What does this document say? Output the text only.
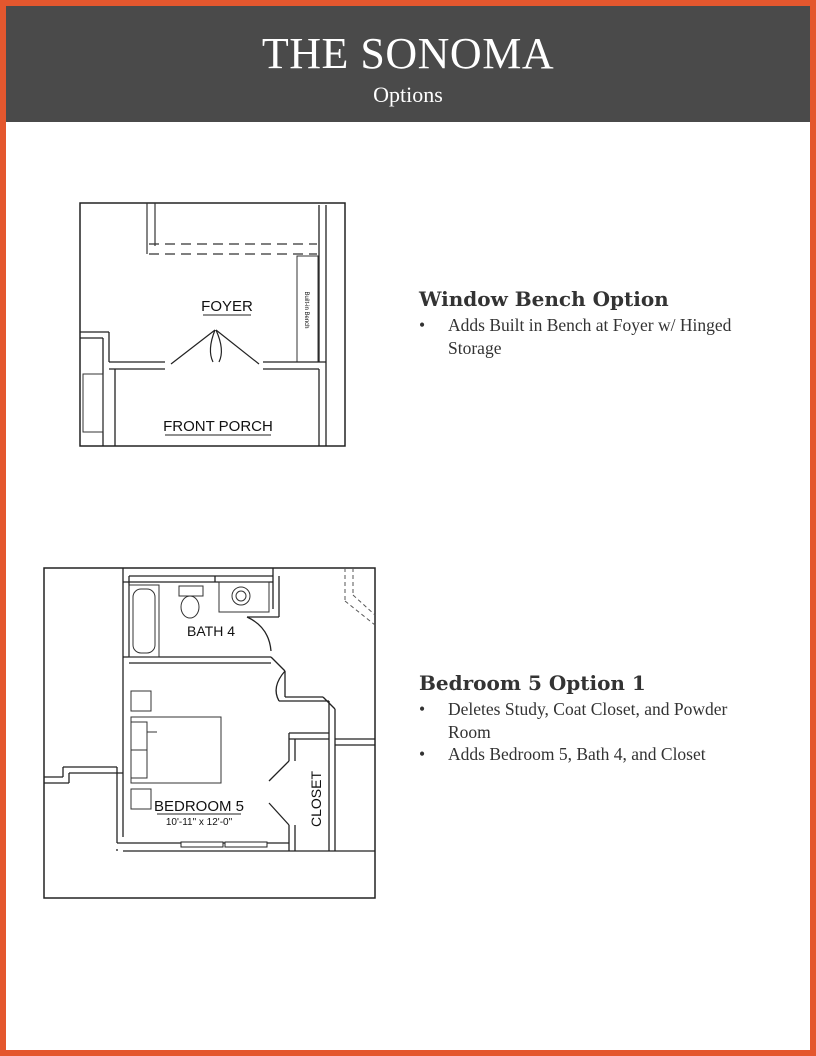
THE SONOMA
Options
Built-in Bench
FOYER
FRONT PORCH
Window Bench Option
• Adds Built in Bench at Foyer w/ Hinged Storage
BATH 4
BEDROOM 5
10'-11" x 12'-0"	CLOSET
Bedroom 5 Option 1
• Deletes Study, Coat Closet, and Powder Room
• Adds Bedroom 5, Bath 4, and Closet
